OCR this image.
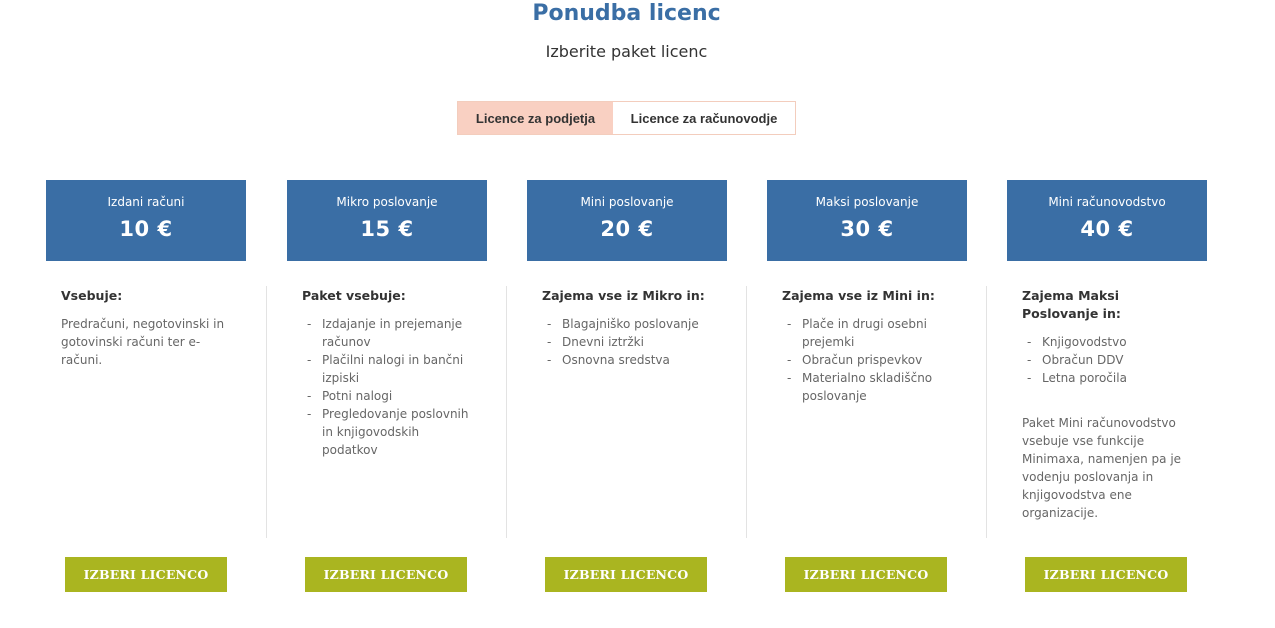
Ponudba licenc
Izberite paket licenc
Licence za podjetja	Licence za računovodje
Izdani računi
10 €
Vsebuje:
Predračuni, negotovinski in gotovinski računi ter e-računi.
IZBERI LICENCO
Mikro poslovanje
15 €
Paket vsebuje:
- Izdajanje in prejemanje računov
- Plačilni nalogi in bančni izpiski
- Potni nalogi
- Pregledovanje poslovnih in knjigovodskih podatkov
IZBERI LICENCO
Mini poslovanje
20 €
Zajema vse iz Mikro in:
- Blagajniško poslovanje
- Dnevni iztržki
- Osnovna sredstva
IZBERI LICENCO
Maksi poslovanje
30 €
Zajema vse iz Mini in:
- Plače in drugi osebni prejemki
- Obračun prispevkov
- Materialno skladiščno poslovanje
IZBERI LICENCO
Mini računovodstvo
40 €
Zajema Maksi Poslovanje in:
- Knjigovodstvo
- Obračun DDV
- Letna poročila
Paket Mini računovodstvo vsebuje vse funkcije Minimaxa, namenjen pa je vodenju poslovanja in knjigovodstva ene organizacije.
IZBERI LICENCO
